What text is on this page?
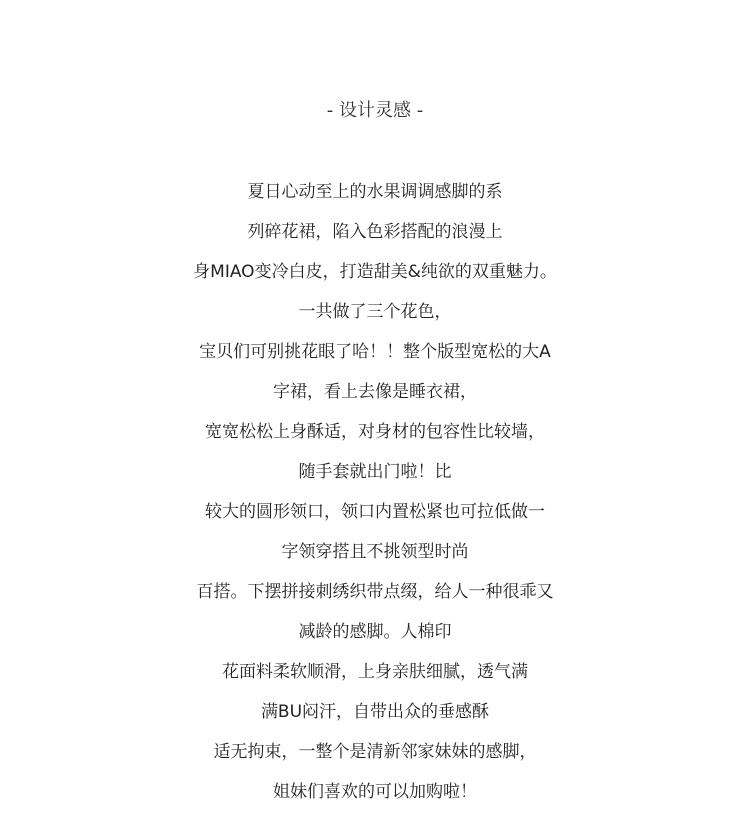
- 设计灵感 -
夏日心动至上的水果调调感脚的系
列碎花裙，陷入色彩搭配的浪漫上
身MIAO变冷白皮，打造甜美&纯欲的双重魅力。
一共做了三个花色，
宝贝们可别挑花眼了哈！！整个版型宽松的大A
字裙，看上去像是睡衣裙，
宽宽松松上身酥适，对身材的包容性比较墙，
随手套就出门啦！比
较大的圆形领口，领口内置松紧也可拉低做一
字领穿搭且不挑领型时尚
百搭。下摆拼接刺绣织带点缀，给人一种很乖又
减龄的感脚。人棉印
花面料柔软顺滑，上身亲肤细腻，透气满
满BU闷汗，自带出众的垂感酥
适无拘束，一整个是清新邻家妹妹的感脚，
姐妹们喜欢的可以加购啦！
